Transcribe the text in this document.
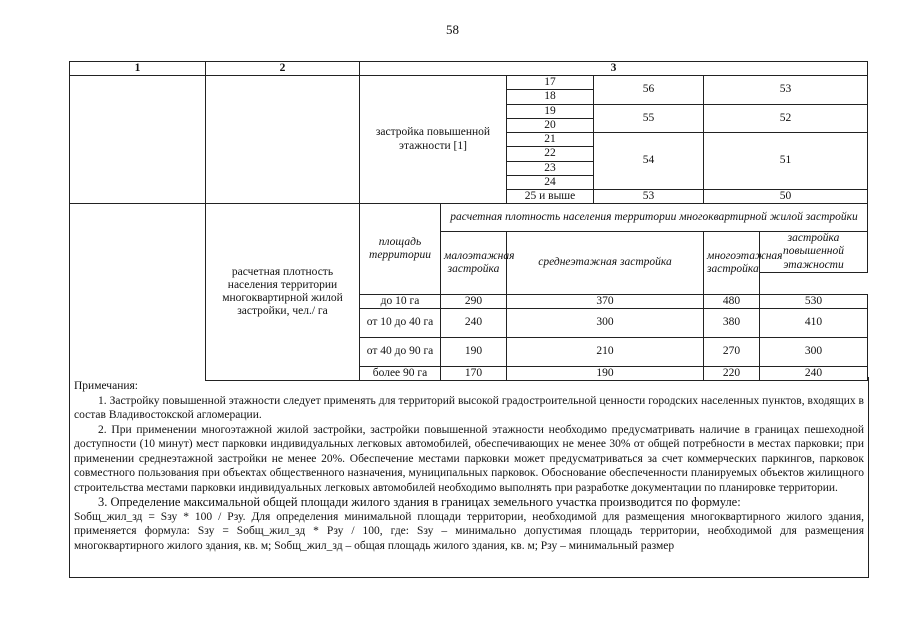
58
1	2	3					
		застройка повышенной этажности [1]		17	56	53	
				18			
				19	55	52	
				20			
				21	54	51	
				22			
				23			
				24			
				25 и выше	53	50	
	расчетная плотность населения территории многоквартирной жилой застройки, чел./ га	площадь территории	расчетная плотность населения территории многоквартирной жилой застройки				
			малоэтажная застройка	среднеэтажная застройка		многоэтажная застройка	застройка повышенной этажности

		до 10 га	290	370		480	530
		от 10 до 40 га	240	300		380	410
		от 40 до 90 га	190	210		270	300
		более 90 га	170	190		220	240

Примечания:

1. Застройку повышенной этажности следует применять для территорий высокой градостроительной ценности городских населенных пунктов, входящих в состав Владивостокской агломерации.

2. При применении многоэтажной жилой застройки, застройки повышенной этажности необходимо предусматривать наличие в границах пешеходной доступности (10 минут) мест парковки индивидуальных легковых автомобилей, обеспечивающих не менее 30% от общей потребности в местах парковки; при применении среднеэтажной застройки не менее 20%. Обеспечение местами парковки может предусматриваться за счет коммерческих паркингов, парковок совместного пользования при объектах общественного назначения, муниципальных парковок. Обоснование обеспеченности планируемых объектов жилищного строительства местами парковки индивидуальных легковых автомобилей необходимо выполнять при разработке документации по планировке территории.

3. Определение максимальной общей площади жилого здания в границах земельного участка производится по формуле:

Sобщ_жил_зд = Sзу * 100 / Рзу. Для определения минимальной площади территории, необходимой для размещения многоквартирного жилого здания, применяется формула: Sзу = Sобщ_жил_зд * Рзу / 100, где: Sзу – минимально допустимая площадь территории, необходимой для размещения многоквартирного жилого здания, кв. м; Sобщ_жил_зд – общая площадь жилого здания, кв. м; Рзу – минимальный размер
